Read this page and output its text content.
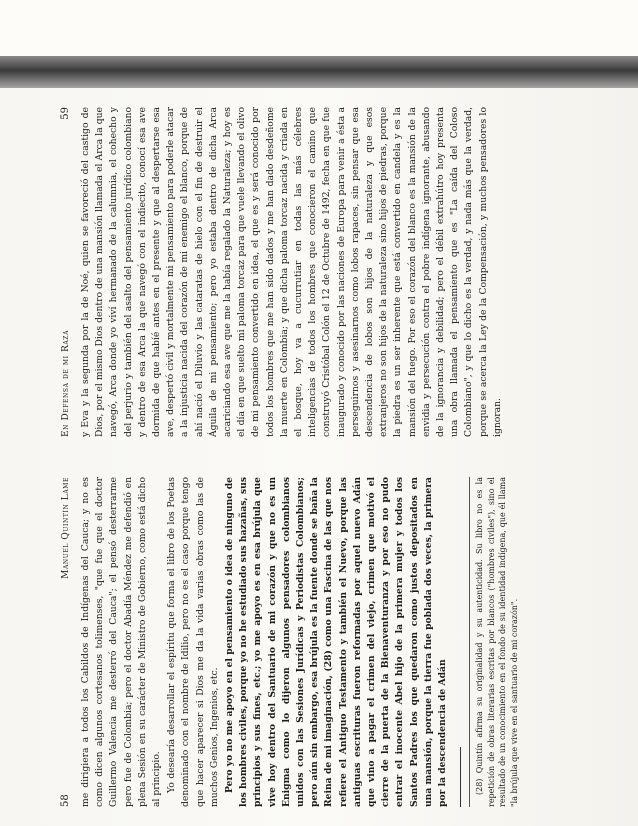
58
Manuel Quintín Lame me dirigiera a todos los Cabildos de Indígenas del Cauca; y no es como dicen algunos cortesanos tolimenses, "que fue que el doctor Guillermo Valencia me desterró del Cauca"; el pensó desterrarme pero fue de Colombia; pero el doctor Abadía Méndez me defendió en plena Sesión en su carácter de Ministro de Gobierno, como está dicho al principio. Yo desearía desarrollar el espíritu que forma el libro de los Poetas denominado con el nombre de Idilio, pero no es el caso porque tengo que hacer aparecer si Dios me da la vida varias obras como las de muchos Genios, Ingenios, etc. Pero yo no me apoyo en el pensamiento o idea de ninguno de los hombres civiles, porque yo no he estudiado sus hazañas, sus principios y sus fines, etc.; yo me apoyo es en esa brújula que vive hoy dentro del Santuario de mi corazón y que no es un Enigma como lo dijeron algunos pensadores colombianos unidos con las Sesiones Jurídicas y Periodistas Colombianos; pero aún sin embargo, esa brújula es la fuente donde se baña la Reina de mi imaginación, (28) como una Fascina de las que nos refiere el Antiguo Testamento y también el Nuevo, porque las antiguas escrituras fueron reformadas por aquel nuevo Adán que vino a pagar el crimen del viejo, crimen que motivó el cierre de la puerta de la Bienaventuranza y por eso no pudo entrar el inocente Abel hijo de la primera mujer y todos los Santos Padres los que quedaron como justos depositados en una mansión, porque la tierra fue poblada dos veces, la primera por la descendencia de Adán	(28) Quintín afirma su originalidad y su autenticidad. Su libro no es la repetición de obras literarias escritas por blancos ("hombres civiles"), sino el resultado de un conocimiento en el fondo de su identidad indígena, que él llama "la brújula que vive en el santuario de mi corazón".

En Defensa de mi Raza
59 y Eva y la segunda por la de Noé, quien se favoreció del castigo de Dios, por el mismo Dios dentro de una mansión llamada el Arca la que navegó, Arca donde yo viví hermanado de la calumnia, el cohecho y del perjurio y también del asalto del pensamiento jurídico colombiano y dentro de esa Arca la que navegó con el indiecito, conocí esa ave dormida de que habíé antes en el presente y que al despertarse esa ave, despertó civil y mortalmente mi pensamiento para poderle atacar a la injusticia nacida del corazón de mi enemigo el blanco, porque de ahí nació el Diluvio y las cataratas de hielo con el fin de destruir el Águila de mi pensamiento; pero yo estaba dentro de dicha Arca acariciando esa ave que me la había regalado la Naturaleza; y hoy es el día en que suelto mi paloma torcaz para que vuele llevando el olivo de mi pensamiento convertido en idea, el que es y será conocido por todos los hombres que me han sido dados y me han dado desdeñome la muerte en Colombia; y que dicha paloma torcaz nacida y criada en el bosque, hoy va a cucurrutiar en todas las más célebres inteligencias de todos los hombres que conocieron el camino que construyó Cristóbal Colón el 12 de Octubre de 1492, fecha en que fue inaugurado y conocido por las naciones de Europa para venir a ésta a perseguirnos y asesinarnos como lobos rapaces, sin pensar que esa descendencia de lobos son hijos de la naturaleza y que esos extranjeros no son hijos de la naturaleza sino hijos de piedras, porque la piedra es un ser inherente que está convertido en candela y es la mansión del fuego. Por eso el corazón del blanco es la mansión de la envidia y persecución contra el pobre indígena ignorante, abusando de la ignorancia y debilidad; pero el débil extrahútro hoy presenta una obra llamada el pensamiento que es "La caída del Coloso Colombiano", y que lo dicho es la verdad, y nada más que la verdad, porque se acerca la Ley de la Compensación, y muchos pensadores lo ignoran.
